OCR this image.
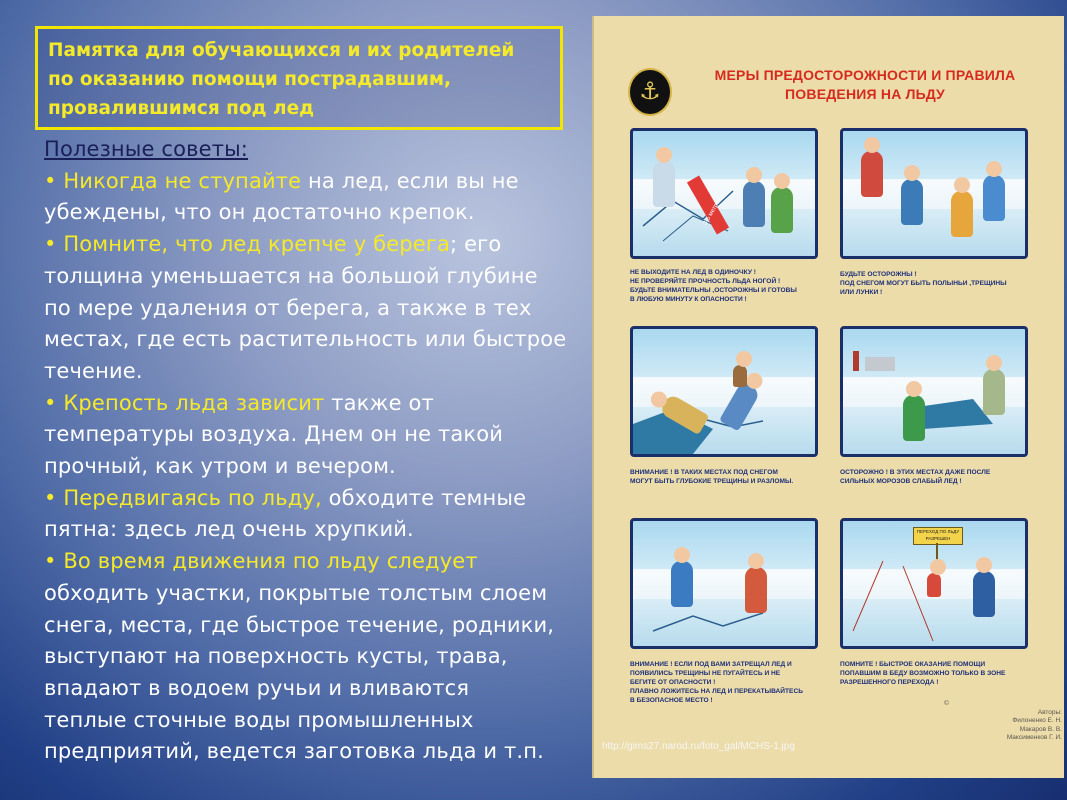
Памятка для обучающихся и их родителей
по оказанию помощи пострадавшим,
провалившимся под лед
Полезные советы:
• Никогда не ступайте на лед, если вы не
убеждены, что он достаточно крепок.
• Помните, что лед крепче у берега; его
толщина уменьшается на большой глубине
по мере удаления от берега, а также в тех
местах, где есть растительность или быстрое
течение.
• Крепость льда зависит также от
температуры воздуха. Днем он не такой
прочный, как утром и вечером.
• Передвигаясь по льду, обходите темные
пятна: здесь лед очень хрупкий.
• Во время движения по льду следует
обходить участки, покрытые толстым слоем
снега, места, где быстрое течение, родники,
выступают на поверхность кусты, трава,
впадают в водоем ручьи и вливаются
теплые сточные воды промышленных
предприятий, ведется заготовка льда и т.п.
⚓
МЕРЫ ПРЕДОСТОРОЖНОСТИ И ПРАВИЛА
ПОВЕДЕНИЯ НА ЛЬДУ
3-5 метров
НЕ ВЫХОДИТЕ НА ЛЕД В ОДИНОЧКУ !
НЕ ПРОВЕРЯЙТЕ ПРОЧНОСТЬ ЛЬДА НОГОЙ !
БУДЬТЕ ВНИМАТЕЛЬНЫ ,ОСТОРОЖНЫ И ГОТОВЫ
В ЛЮБУЮ МИНУТУ К ОПАСНОСТИ !
БУДЬТЕ ОСТОРОЖНЫ !
ПОД СНЕГОМ МОГУТ БЫТЬ ПОЛЫНЬИ ,ТРЕЩИНЫ
ИЛИ ЛУНКИ !
ВНИМАНИЕ ! В ТАКИХ МЕСТАХ ПОД СНЕГОМ
МОГУТ БЫТЬ ГЛУБОКИЕ ТРЕЩИНЫ И РАЗЛОМЫ.
ОСТОРОЖНО ! В ЭТИХ МЕСТАХ ДАЖЕ ПОСЛЕ
СИЛЬНЫХ МОРОЗОВ СЛАБЫЙ ЛЕД !
ВНИМАНИЕ ! ЕСЛИ ПОД ВАМИ ЗАТРЕЩАЛ ЛЕД И
ПОЯВИЛИСЬ ТРЕЩИНЫ НЕ ПУГАЙТЕСЬ И НЕ
БЕГИТЕ ОТ ОПАСНОСТИ !
ПЛАВНО ЛОЖИТЕСЬ НА ЛЕД И ПЕРЕКАТЫВАЙТЕСЬ
В БЕЗОПАСНОЕ МЕСТО !
ПЕРЕХОД ПО ЛЬДУ РАЗРЕШЕН
ПОМНИТЕ ! БЫСТРОЕ ОКАЗАНИЕ ПОМОЩИ
ПОПАВШИМ В БЕДУ ВОЗМОЖНО ТОЛЬКО В ЗОНЕ
РАЗРЕШЕННОГО ПЕРЕХОДА !
©
Авторы:
Филоненко Е. Н.
Макаров В. В.
Максименков Г. И.
http://gims27.narod.ru/foto_gal/MCHS-1.jpg
